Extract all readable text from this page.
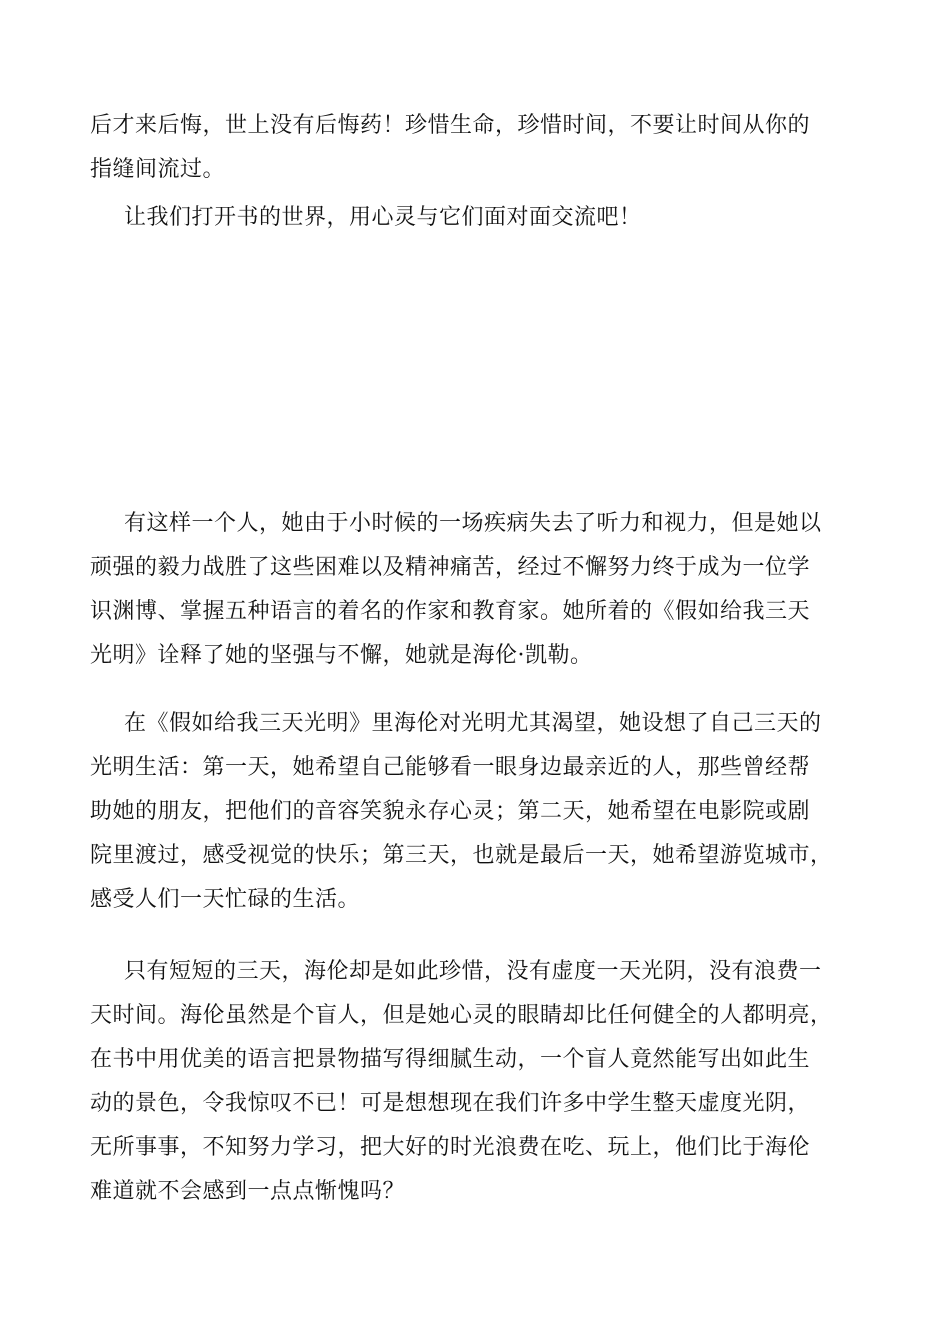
后才来后悔，世上没有后悔药！珍惜生命，珍惜时间，不要让时间从你的
指缝间流过。

让我们打开书的世界，用心灵与它们面对面交流吧！

有这样一个人，她由于小时候的一场疾病失去了听力和视力，但是她以
顽强的毅力战胜了这些困难以及精神痛苦，经过不懈努力终于成为一位学
识渊博、掌握五种语言的着名的作家和教育家。她所着的《假如给我三天
光明》诠释了她的坚强与不懈，她就是海伦·凯勒。

在《假如给我三天光明》里海伦对光明尤其渴望，她设想了自己三天的
光明生活：第一天，她希望自己能够看一眼身边最亲近的人，那些曾经帮
助她的朋友，把他们的音容笑貌永存心灵；第二天，她希望在电影院或剧
院里渡过，感受视觉的快乐；第三天，也就是最后一天，她希望游览城市，
感受人们一天忙碌的生活。

只有短短的三天，海伦却是如此珍惜，没有虚度一天光阴，没有浪费一
天时间。海伦虽然是个盲人，但是她心灵的眼睛却比任何健全的人都明亮，
在书中用优美的语言把景物描写得细腻生动，一个盲人竟然能写出如此生
动的景色，令我惊叹不已！可是想想现在我们许多中学生整天虚度光阴，
无所事事，不知努力学习，把大好的时光浪费在吃、玩上，他们比于海伦
难道就不会感到一点点惭愧吗？
